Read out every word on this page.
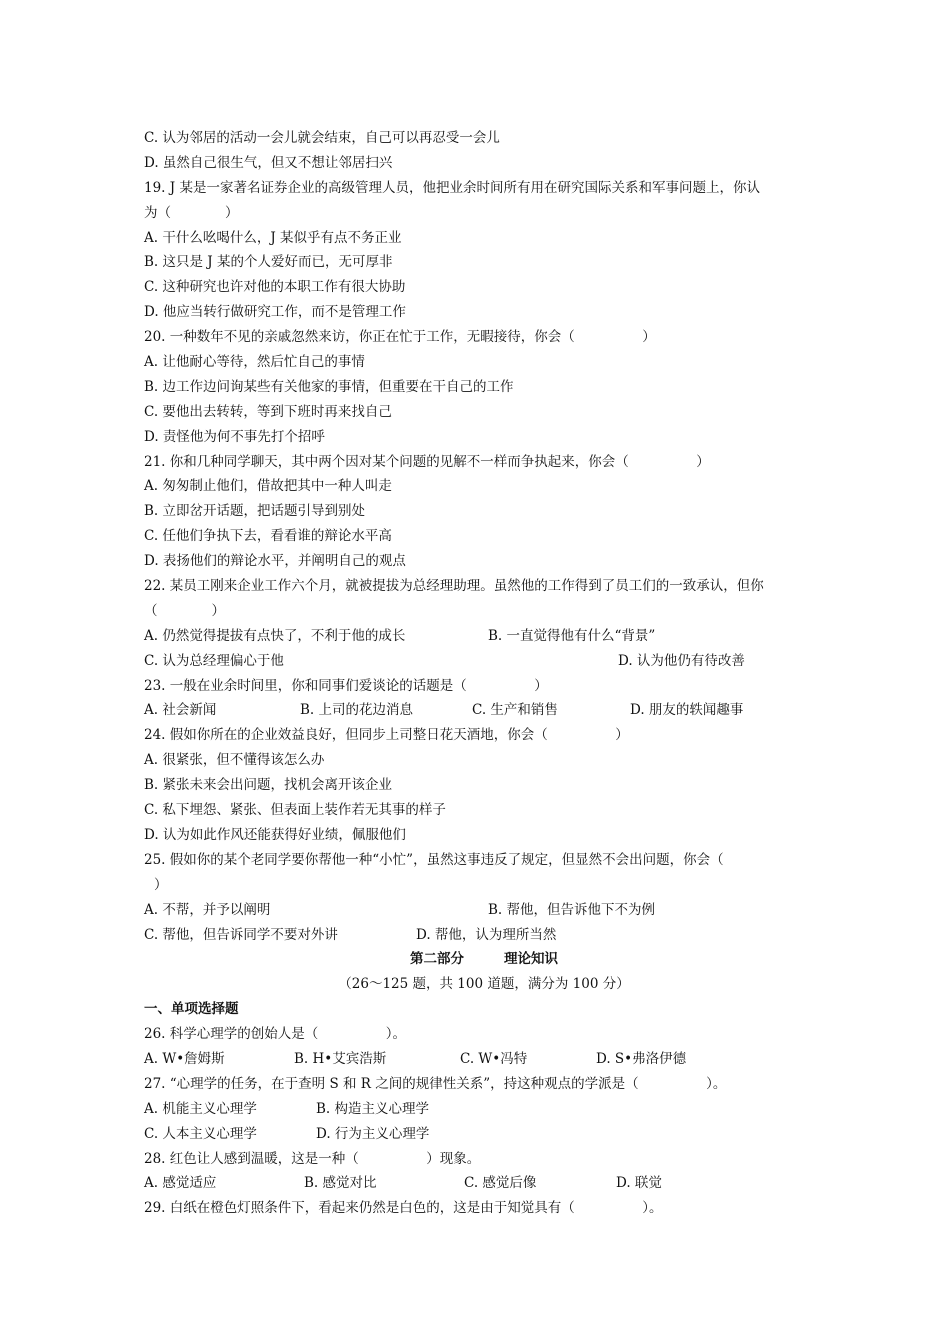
C. 认为邻居的活动一会儿就会结束，自己可以再忍受一会儿
D. 虽然自己很生气，但又不想让邻居扫兴
19. J 某是一家著名证券企业的高级管理人员，他把业余时间所有用在研究国际关系和军事问题上，你认
为（　　　　）
A. 干什么吆喝什么，J 某似乎有点不务正业
B. 这只是 J 某的个人爱好而已，无可厚非
C. 这种研究也许对他的本职工作有很大协助
D. 他应当转行做研究工作，而不是管理工作
20. 一种数年不见的亲戚忽然来访，你正在忙于工作，无暇接待，你会（　　　　　）
A. 让他耐心等待，然后忙自己的事情
B. 边工作边问询某些有关他家的事情，但重要在干自己的工作
C. 要他出去转转，等到下班时再来找自己
D. 责怪他为何不事先打个招呼
21. 你和几种同学聊天，其中两个因对某个问题的见解不一样而争执起来，你会（　　　　　）
A. 匆匆制止他们，借故把其中一种人叫走
B. 立即岔开话题，把话题引导到别处
C. 任他们争执下去，看看谁的辩论水平高
D. 表扬他们的辩论水平，并阐明自己的观点
22. 某员工刚来企业工作六个月，就被提拔为总经理助理。虽然他的工作得到了员工们的一致承认，但你
（　　　　）
A. 仍然觉得提拔有点快了，不利于他的成长	B. 一直觉得他有什么“背景”
C. 认为总经理偏心于他	D. 认为他仍有待改善
23. 一般在业余时间里，你和同事们爱谈论的话题是（　　　　　）
A. 社会新闻	B. 上司的花边消息	C. 生产和销售	D. 朋友的轶闻趣事
24. 假如你所在的企业效益良好，但同步上司整日花天酒地，你会（　　　　　）
A. 很紧张，但不懂得该怎么办
B. 紧张未来会出问题，找机会离开该企业
C. 私下埋怨、紧张、但表面上装作若无其事的样子
D. 认为如此作风还能获得好业绩，佩服他们
25. 假如你的某个老同学要你帮他一种“小忙”，虽然这事违反了规定，但显然不会出问题，你会（
）
A. 不帮，并予以阐明	B. 帮他，但告诉他下不为例
C. 帮他，但告诉同学不要对外讲	D. 帮他，认为理所当然
第二部分	理论知识
（26～125 题，共 100 道题，满分为 100 分）
一、单项选择题
26. 科学心理学的创始人是（　　　　　）。
A. W•詹姆斯	B. H•艾宾浩斯	C. W•冯特	D. S•弗洛伊德
27. “心理学的任务，在于查明 S 和 R 之间的规律性关系”，持这种观点的学派是（　　　　　）。
A. 机能主义心理学	B. 构造主义心理学
C. 人本主义心理学	D. 行为主义心理学
28. 红色让人感到温暖，这是一种（　　　　　）现象。
A. 感觉适应	B. 感觉对比	C. 感觉后像	D. 联觉
29. 白纸在橙色灯照条件下，看起来仍然是白色的，这是由于知觉具有（　　　　　）。
